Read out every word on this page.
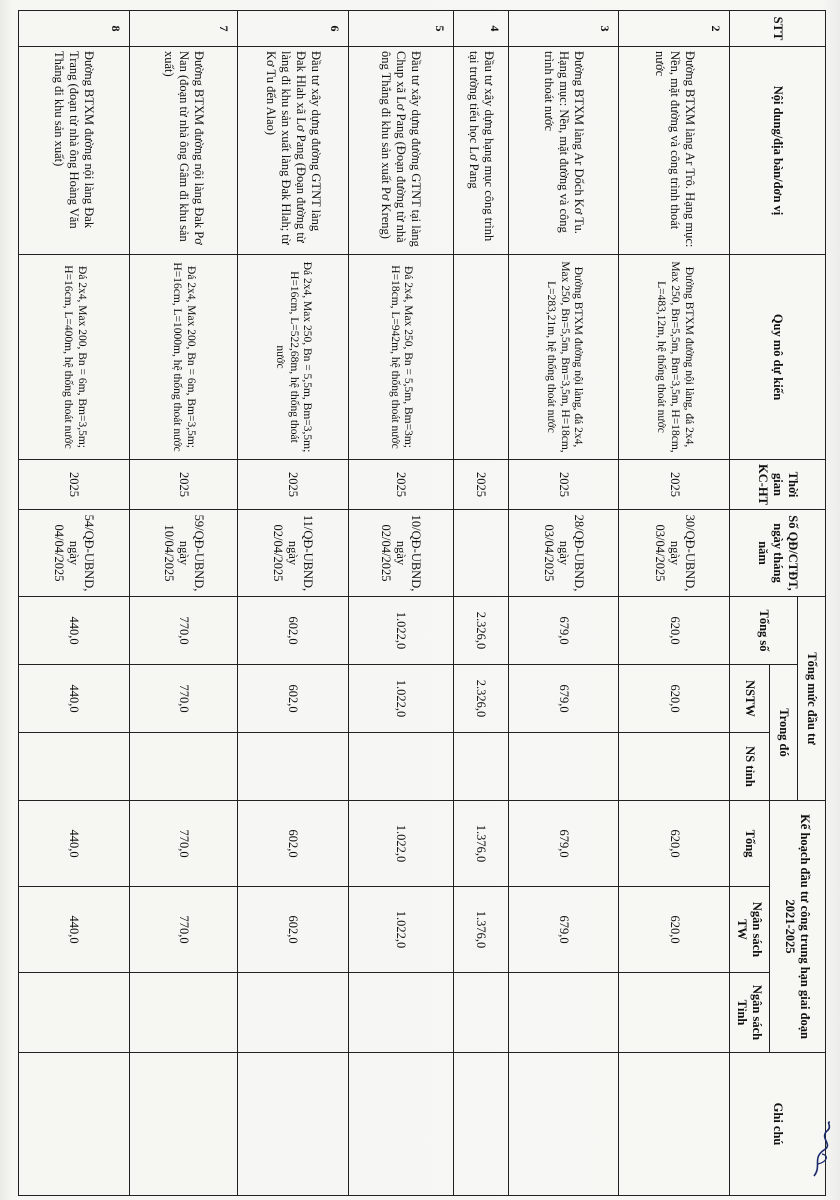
STT	Nội dung/địa bàn/đơn vị	Quy mô dự kiến	Thời gian KC-HT	Số QĐ/CTĐT, ngày tháng năm	Tổng mức đầu tư			Kế hoạch đầu tư công trung hạn giai đoạn 2021-2025			Ghi chú
					Tổng số	Trong đó					
						NSTW	NS tỉnh	Tổng	Ngân sách TW	Ngân sách Tỉnh	
2	Đường BTXM làng Ar Trô. Hạng mục: Nền, mặt đường và công trình thoát nước	Đường BTXM đường nội làng, đá 2x4, Max 250, Bn=5,5m, Bm=3,5m, H=18cm, L=483,12m, hệ thống thoát nước	2025	30/QĐ-UBND, ngày 03/04/2025	620,0	620,0		620,0	620,0		
3	Đường BTXM làng Ar Dốch Kơ Tu. Hạng mục: Nền, mặt đường và công trình thoát nước	Đường BTXM đường nội làng, đá 2x4, Max 250, Bn=5,5m, Bm=3,5m, H=18cm, L=283,21m, hệ thống thoát nước	2025	28/QĐ-UBND, ngày 03/04/2025	679,0	679,0		679,0	679,0		
4	Đầu tư xây dựng hạng mục công trình tại trường tiểu học Lơ Pang		2025		2.326,0	2.326,0		1.376,0	1.376,0		
5	Đầu tư xây dựng đường GTNT tại làng Chup xã Lơ Pang (Đoạn đường từ nhà ông Thắng đi khu sản xuất Pơ Kreng)	Đá 2x4, Max 250, Bn = 5,5m, Bm=3m; H=18cm, L=942m, hệ thống thoát nước	2025	10/QĐ-UBND, ngày 02/04/2025	1.022,0	1.022,0		1.022,0	1.022,0		
6	Đầu tư xây dựng đường GTNT làng Đak Hlah xã Lơ Pang (Đoạn đường từ làng đi khu sản xuất làng Đak Hlah; từ Kơ Tu đến Alao)	Đá 2x4, Max 250, Bn = 5,5m, Bm=3,5m; H=16cm, L=522,68m, hệ thống thoát nước	2025	11/QĐ-UBND, ngày 02/04/2025	602,0	602,0		602,0	602,0		
7	Đường BTXM đường nội làng Đak Pơ Nan (đoạn từ nhà ông Gâm đi khu sản xuất)	Đá 2x4, Max 200, Bn = 6m, Bm=3,5m; H=16cm, L=1000m, hệ thống thoát nước	2025	59/QĐ-UBND, ngày 10/04/2025	770,0	770,0		770,0	770,0		
8	Đường BTXM đường nội làng Đak Trang (đoạn từ nhà ông Hoàng Văn Thắng đi khu sản xuất)	Đá 2x4, Max 200, Bn = 6m, Bm=3,5m; H=16cm, L=400m, hệ thống thoát nước	2025	54/QĐ-UBND, ngày 04/04/2025	440,0	440,0		440,0	440,0		
